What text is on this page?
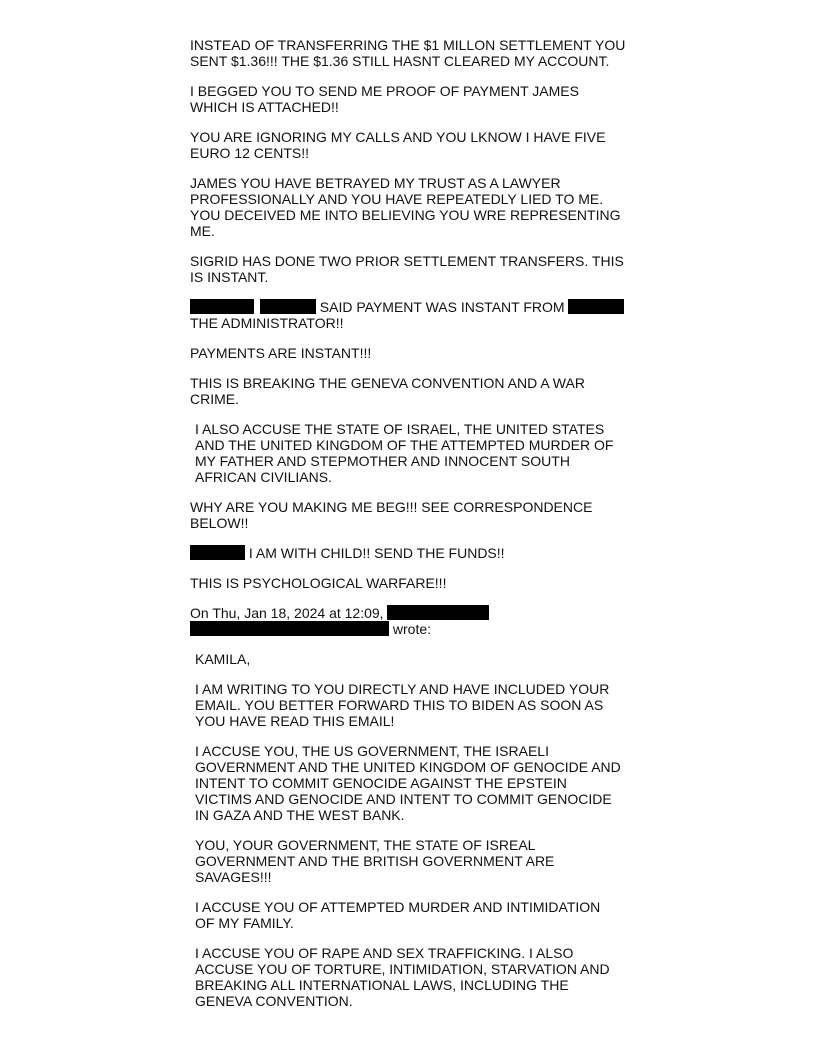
INSTEAD OF TRANSFERRING THE $1 MILLON SETTLEMENT YOU
SENT $1.36!!! THE $1.36 STILL HASNT CLEARED MY ACCOUNT.

I BEGGED YOU TO SEND ME PROOF OF PAYMENT JAMES
WHICH IS ATTACHED!!

YOU ARE IGNORING MY CALLS AND YOU LKNOW I HAVE FIVE
EURO 12 CENTS!!

JAMES YOU HAVE BETRAYED MY TRUST AS A LAWYER
PROFESSIONALLY AND YOU HAVE REPEATEDLY LIED TO ME.
YOU DECEIVED ME INTO BELIEVING YOU WRE REPRESENTING
ME.

SIGRID HAS DONE TWO PRIOR SETTLEMENT TRANSFERS. THIS
IS INSTANT.

SAID PAYMENT WAS INSTANT FROM
THE ADMINISTRATOR!!

PAYMENTS ARE INSTANT!!!

THIS IS BREAKING THE GENEVA CONVENTION AND A WAR
CRIME.

I ALSO ACCUSE THE STATE OF ISRAEL, THE UNITED STATES
AND THE UNITED KINGDOM OF THE ATTEMPTED MURDER OF
MY FATHER AND STEPMOTHER AND INNOCENT SOUTH
AFRICAN CIVILIANS.

WHY ARE YOU MAKING ME BEG!!! SEE CORRESPONDENCE
BELOW!!

I AM WITH CHILD!! SEND THE FUNDS!!

THIS IS PSYCHOLOGICAL WARFARE!!!

On Thu, Jan 18, 2024 at 12:09,
wrote:

KAMILA,

I AM WRITING TO YOU DIRECTLY AND HAVE INCLUDED YOUR
EMAIL. YOU BETTER FORWARD THIS TO BIDEN AS SOON AS
YOU HAVE READ THIS EMAIL!

I ACCUSE YOU, THE US GOVERNMENT, THE ISRAELI
GOVERNMENT AND THE UNITED KINGDOM OF GENOCIDE AND
INTENT TO COMMIT GENOCIDE AGAINST THE EPSTEIN
VICTIMS AND GENOCIDE AND INTENT TO COMMIT GENOCIDE
IN GAZA AND THE WEST BANK.

YOU, YOUR GOVERNMENT, THE STATE OF ISREAL
GOVERNMENT AND THE BRITISH GOVERNMENT ARE
SAVAGES!!!

I ACCUSE YOU OF ATTEMPTED MURDER AND INTIMIDATION
OF MY FAMILY.

I ACCUSE YOU OF RAPE AND SEX TRAFFICKING. I ALSO
ACCUSE YOU OF TORTURE, INTIMIDATION, STARVATION AND
BREAKING ALL INTERNATIONAL LAWS, INCLUDING THE
GENEVA CONVENTION.
